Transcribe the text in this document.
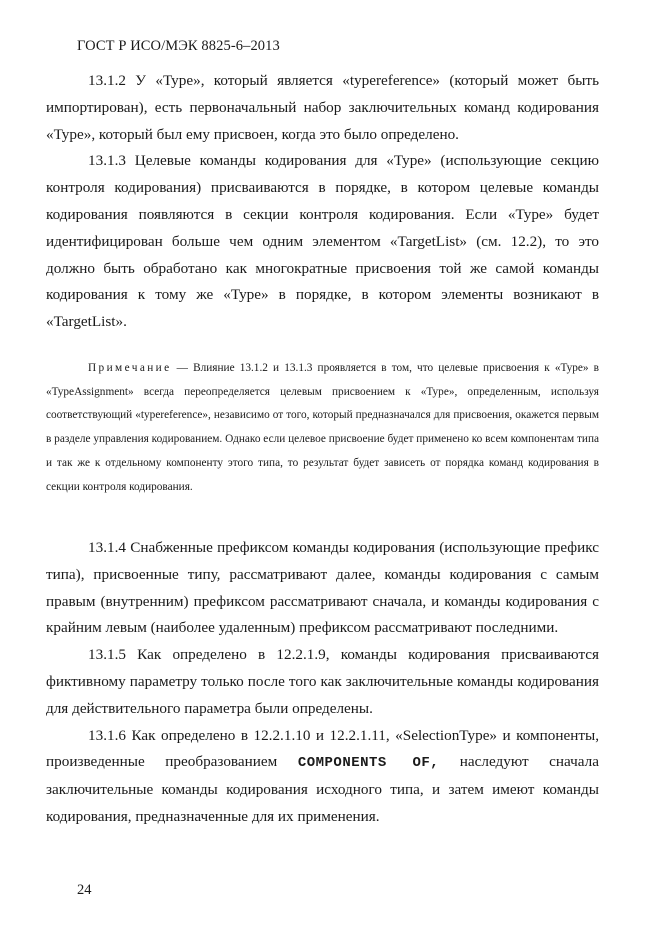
ГОСТ Р ИСО/МЭК 8825-6–2013

13.1.2 У «Type», который является «typereference» (который может быть импортирован), есть первоначальный набор заключительных команд кодирования «Type», который был ему присвоен, когда это было определено.

13.1.3 Целевые команды кодирования для «Type» (использующие секцию контроля кодирования) присваиваются в порядке, в котором целевые команды кодирования появляются в секции контроля кодирования. Если «Type» будет идентифицирован больше чем одним элементом «TargetList» (см. 12.2), то это должно быть обработано как многократные присвоения той же самой команды кодирования к тому же «Type» в порядке, в котором элементы возникают в «TargetList».

Примечание — Влияние 13.1.2 и 13.1.3 проявляется в том, что целевые присвоения к «Type» в «TypeAssignment» всегда переопределяется целевым присвоением к «Type», определенным, используя соответствующий «typereference», независимо от того, который предназначался для присвоения, окажется первым в разделе управления кодированием. Однако если целевое присвоение будет применено ко всем компонентам типа и так же к отдельному компоненту этого типа, то результат будет зависеть от порядка команд кодирования в секции контроля кодирования.

13.1.4 Снабженные префиксом команды кодирования (использующие префикс типа), присвоенные типу, рассматривают далее, команды кодирования с самым правым (внутренним) префиксом рассматривают сначала, и команды кодирования с крайним левым (наиболее удаленным) префиксом рассматривают последними.

13.1.5 Как определено в 12.2.1.9, команды кодирования присваиваются фиктивному параметру только после того как заключительные команды кодирования для действительного параметра были определены.

13.1.6 Как определено в 12.2.1.10 и 12.2.1.11, «SelectionType» и компоненты, произведенные преобразованием COMPONENTS OF, наследуют сначала заключительные команды кодирования исходного типа, и затем имеют команды кодирования, предназначенные для их применения.

24
